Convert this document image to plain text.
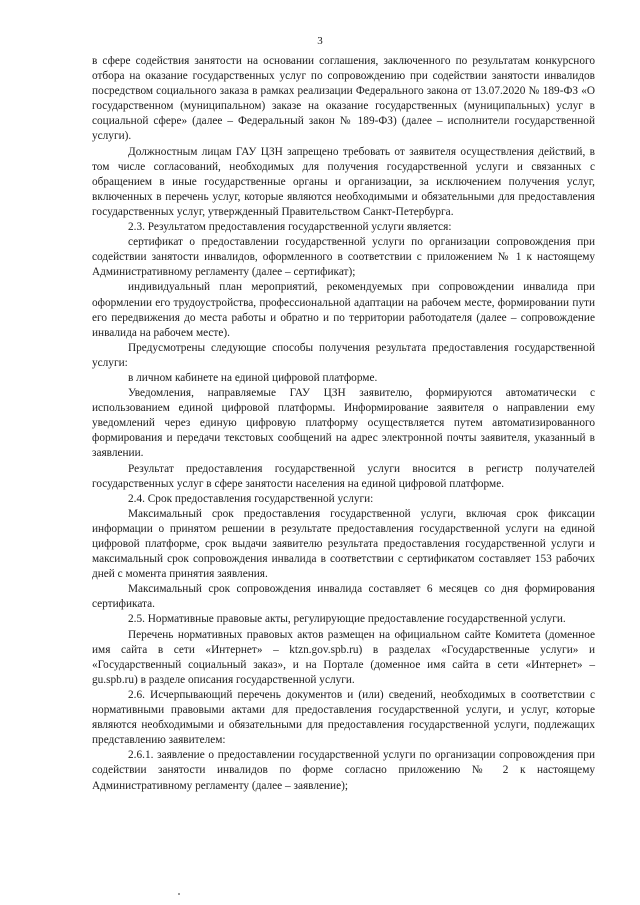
3

в сфере содействия занятости на основании соглашения, заключенного по результатам конкурсного отбора на оказание государственных услуг по сопровождению при содействии занятости инвалидов посредством социального заказа в рамках реализации Федерального закона от 13.07.2020 № 189-ФЗ «О государственном (муниципальном) заказе на оказание государственных (муниципальных) услуг в социальной сфере» (далее – Федеральный закон № 189-ФЗ) (далее – исполнители государственной услуги).

Должностным лицам ГАУ ЦЗН запрещено требовать от заявителя осуществления действий, в том числе согласований, необходимых для получения государственной услуги и связанных с обращением в иные государственные органы и организации, за исключением получения услуг, включенных в перечень услуг, которые являются необходимыми и обязательными для предоставления государственных услуг, утвержденный Правительством Санкт-Петербурга.

2.3. Результатом предоставления государственной услуги является:

сертификат о предоставлении государственной услуги по организации сопровождения при содействии занятости инвалидов, оформленного в соответствии с приложением № 1 к настоящему Административному регламенту (далее – сертификат);

индивидуальный план мероприятий, рекомендуемых при сопровождении инвалида при оформлении его трудоустройства, профессиональной адаптации на рабочем месте, формировании пути его передвижения до места работы и обратно и по территории работодателя (далее – сопровождение инвалида на рабочем месте).

Предусмотрены следующие способы получения результата предоставления государственной услуги:

в личном кабинете на единой цифровой платформе.

Уведомления, направляемые ГАУ ЦЗН заявителю, формируются автоматически с использованием единой цифровой платформы. Информирование заявителя о направлении ему уведомлений через единую цифровую платформу осуществляется путем автоматизированного формирования и передачи текстовых сообщений на адрес электронной почты заявителя, указанный в заявлении.

Результат предоставления государственной услуги вносится в регистр получателей государственных услуг в сфере занятости населения на единой цифровой платформе.

2.4. Срок предоставления государственной услуги:

Максимальный срок предоставления государственной услуги, включая срок фиксации информации о принятом решении в результате предоставления государственной услуги на единой цифровой платформе, срок выдачи заявителю результата предоставления государственной услуги и максимальный срок сопровождения инвалида в соответствии с сертификатом составляет 153 рабочих дней с момента принятия заявления.

Максимальный срок сопровождения инвалида составляет 6 месяцев со дня формирования сертификата.

2.5. Нормативные правовые акты, регулирующие предоставление государственной услуги.

Перечень нормативных правовых актов размещен на официальном сайте Комитета (доменное имя сайта в сети «Интернет» – ktzn.gov.spb.ru) в разделах «Государственные услуги» и «Государственный социальный заказ», и на Портале (доменное имя сайта в сети «Интернет» – gu.spb.ru) в разделе описания государственной услуги.

2.6. Исчерпывающий перечень документов и (или) сведений, необходимых в соответствии с нормативными правовыми актами для предоставления государственной услуги, и услуг, которые являются необходимыми и обязательными для предоставления государственной услуги, подлежащих представлению заявителем:

2.6.1. заявление о предоставлении государственной услуги по организации сопровождения при содействии занятости инвалидов по форме согласно приложению № 2 к настоящему Административному регламенту (далее – заявление);
